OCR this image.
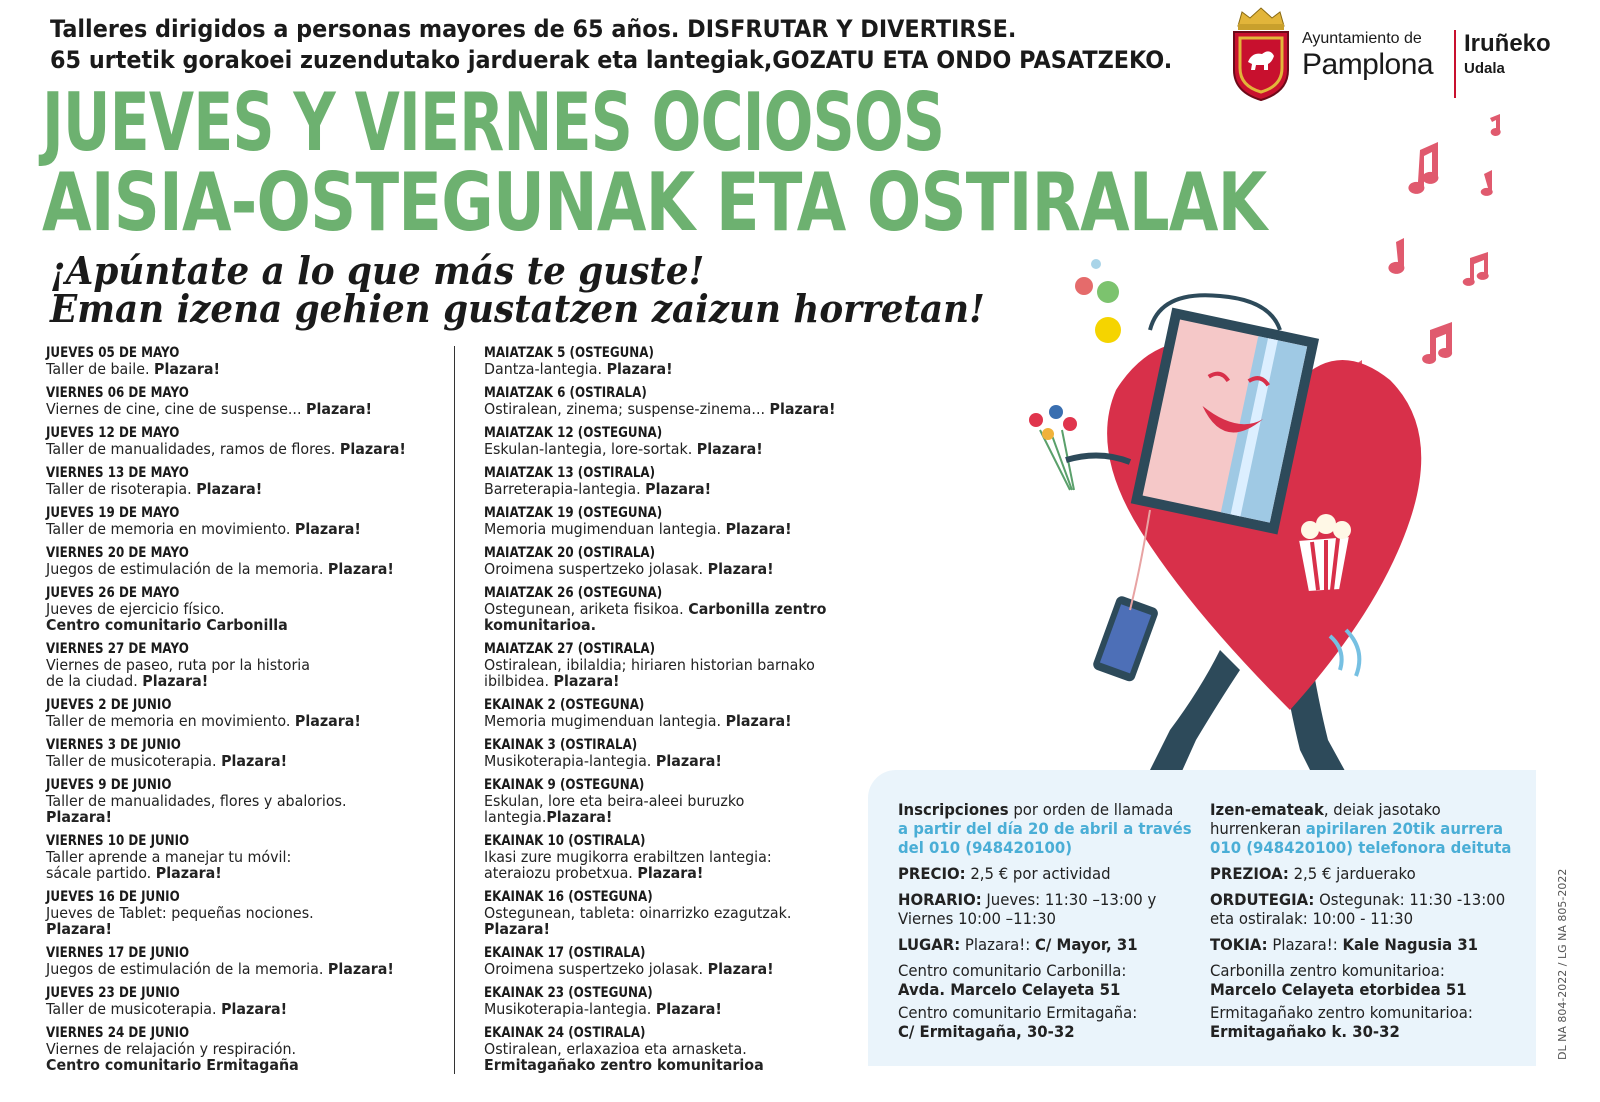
Talleres dirigidos a personas mayores de 65 años. DISFRUTAR Y DIVERTIRSE.
65 urtetik gorakoei zuzendutako jarduerak eta lantegiak,GOZATU ETA ONDO PASATZEKO.
Ayuntamiento de
Pamplona
Iruñeko
Udala
JUEVES Y VIERNES OCIOSOS
AISIA-OSTEGUNAK ETA OSTIRALAK
¡Apúntate a lo que más te guste!
Eman izena gehien gustatzen zaizun horretan!
JUEVES 05 DE MAYO
Taller de baile. Plazara!
VIERNES 06 DE MAYO
Viernes de cine, cine de suspense... Plazara!
JUEVES 12 DE MAYO
Taller de manualidades, ramos de flores. Plazara!
VIERNES 13 DE MAYO
Taller de risoterapia. Plazara!
JUEVES 19 DE MAYO
Taller de memoria en movimiento. Plazara!
VIERNES 20 DE MAYO
Juegos de estimulación de la memoria. Plazara!
JUEVES 26 DE MAYO
Jueves de ejercicio físico.
Centro comunitario Carbonilla
VIERNES 27 DE MAYO
Viernes de paseo, ruta por la historia
de la ciudad. Plazara!
JUEVES 2 DE JUNIO
Taller de memoria en movimiento. Plazara!
VIERNES 3 DE JUNIO
Taller de musicoterapia. Plazara!
JUEVES 9 DE JUNIO
Taller de manualidades, flores y abalorios.
Plazara!
VIERNES 10 DE JUNIO
Taller aprende a manejar tu móvil:
sácale partido. Plazara!
JUEVES 16 DE JUNIO
Jueves de Tablet: pequeñas nociones.
Plazara!
VIERNES 17 DE JUNIO
Juegos de estimulación de la memoria. Plazara!
JUEVES 23 DE JUNIO
Taller de musicoterapia. Plazara!
VIERNES 24 DE JUNIO
Viernes de relajación y respiración.
Centro comunitario Ermitagaña
MAIATZAK 5 (OSTEGUNA)
Dantza-lantegia. Plazara!
MAIATZAK 6 (OSTIRALA)
Ostiralean, zinema; suspense-zinema... Plazara!
MAIATZAK 12 (OSTEGUNA)
Eskulan-lantegia, lore-sortak. Plazara!
MAIATZAK 13 (OSTIRALA)
Barreterapia-lantegia. Plazara!
MAIATZAK 19 (OSTEGUNA)
Memoria mugimenduan lantegia. Plazara!
MAIATZAK 20 (OSTIRALA)
Oroimena suspertzeko jolasak. Plazara!
MAIATZAK 26 (OSTEGUNA)
Ostegunean, ariketa fisikoa. Carbonilla zentro
komunitarioa.
MAIATZAK 27 (OSTIRALA)
Ostiralean, ibilaldia; hiriaren historian barnako
ibilbidea. Plazara!
EKAINAK 2 (OSTEGUNA)
Memoria mugimenduan lantegia. Plazara!
EKAINAK 3 (OSTIRALA)
Musikoterapia-lantegia. Plazara!
EKAINAK 9 (OSTEGUNA)
Eskulan, lore eta beira-aleei buruzko
lantegia.Plazara!
EKAINAK 10 (OSTIRALA)
Ikasi zure mugikorra erabiltzen lantegia:
ateraiozu probetxua. Plazara!
EKAINAK 16 (OSTEGUNA)
Ostegunean, tableta: oinarrizko ezagutzak.
Plazara!
EKAINAK 17 (OSTIRALA)
Oroimena suspertzeko jolasak. Plazara!
EKAINAK 23 (OSTEGUNA)
Musikoterapia-lantegia. Plazara!
EKAINAK 24 (OSTIRALA)
Ostiralean, erlaxazioa eta arnasketa.
Ermitagañako zentro komunitarioa

Inscripciones por orden de llamada
a partir del día 20 de abril a través
del 010 (948420100)

PRECIO: 2,5 € por actividad

HORARIO: Jueves: 11:30 –13:00 y
Viernes 10:00 –11:30

LUGAR: Plazara!: C/ Mayor, 31

Centro comunitario Carbonilla:
Avda. Marcelo Celayeta 51

Centro comunitario Ermitagaña:
C/ Ermitagaña, 30-32

Izen-emateak, deiak jasotako
hurrenkeran apirilaren 20tik aurrera
010 (948420100) telefonora deituta

PREZIOA: 2,5 € jarduerako

ORDUTEGIA: Ostegunak: 11:30 -13:00
eta ostiralak: 10:00 - 11:30

TOKIA: Plazara!: Kale Nagusia 31

Carbonilla zentro komunitarioa:
Marcelo Celayeta etorbidea 51

Ermitagañako zentro komunitarioa:
Ermitagañako k. 30-32	DL NA 804-2022 / LG NA 805-2022
